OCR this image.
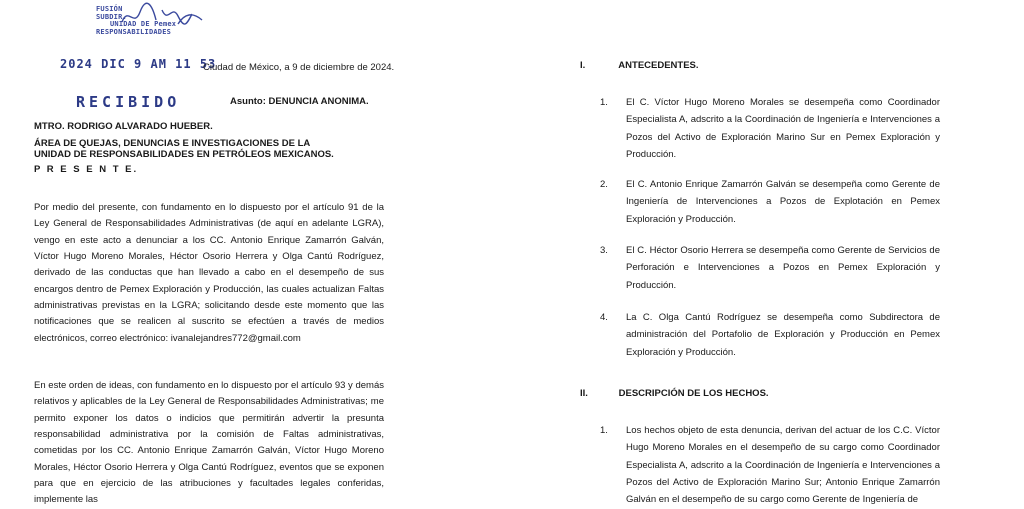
FUSIÓN
SUBDIR.
UNIDAD DE Pemex
RESPONSABILIDADES
2024 DIC 9 AM 11 53
RECIBIDO
Ciudad de México, a 9 de diciembre de 2024.
Asunto: DENUNCIA ANONIMA.
MTRO. RODRIGO ALVARADO HUEBER.
ÁREA DE QUEJAS, DENUNCIAS E INVESTIGACIONES DE LA UNIDAD DE RESPONSABILIDADES EN PETRÓLEOS MEXICANOS.
P R E S E N T E.
Por medio del presente, con fundamento en lo dispuesto por el artículo 91 de la Ley General de Responsabilidades Administrativas (de aquí en adelante LGRA), vengo en este acto a denunciar a los CC. Antonio Enrique Zamarrón Galván, Víctor Hugo Moreno Morales, Héctor Osorio Herrera y Olga Cantú Rodríguez, derivado de las conductas que han llevado a cabo en el desempeño de sus encargos dentro de Pemex Exploración y Producción, las cuales actualizan Faltas administrativas previstas en la LGRA; solicitando desde este momento que las notificaciones que se realicen al suscrito se efectúen a través de medios electrónicos, correo electrónico: ivanalejandres772@gmail.com
En este orden de ideas, con fundamento en lo dispuesto por el artículo 93 y demás relativos y aplicables de la Ley General de Responsabilidades Administrativas; me permito exponer los datos o indicios que permitirán advertir la presunta responsabilidad administrativa por la comisión de Faltas administrativas, cometidas por los CC. Antonio Enrique Zamarrón Galván, Víctor Hugo Moreno Morales, Héctor Osorio Herrera y Olga Cantú Rodríguez, eventos que se exponen para que en ejercicio de las atribuciones y facultades legales conferidas, implemente las
I.	ANTECEDENTES.
1. El C. Víctor Hugo Moreno Morales se desempeña como Coordinador Especialista A, adscrito a la Coordinación de Ingeniería e Intervenciones a Pozos del Activo de Exploración Marino Sur en Pemex Exploración y Producción.
2. El C. Antonio Enrique Zamarrón Galván se desempeña como Gerente de Ingeniería de Intervenciones a Pozos de Explotación en Pemex Exploración y Producción.
3. El C. Héctor Osorio Herrera se desempeña como Gerente de Servicios de Perforación e Intervenciones a Pozos en Pemex Exploración y Producción.
4. La C. Olga Cantú Rodríguez se desempeña como Subdirectora de administración del Portafolio de Exploración y Producción en Pemex Exploración y Producción.
II.	DESCRIPCIÓN DE LOS HECHOS.
1. Los hechos objeto de esta denuncia, derivan del actuar de los C.C. Víctor Hugo Moreno Morales en el desempeño de su cargo como Coordinador Especialista A, adscrito a la Coordinación de Ingeniería e Intervenciones a Pozos del Activo de Exploración Marino Sur; Antonio Enrique Zamarrón Galván en el desempeño de su cargo como Gerente de Ingeniería de
